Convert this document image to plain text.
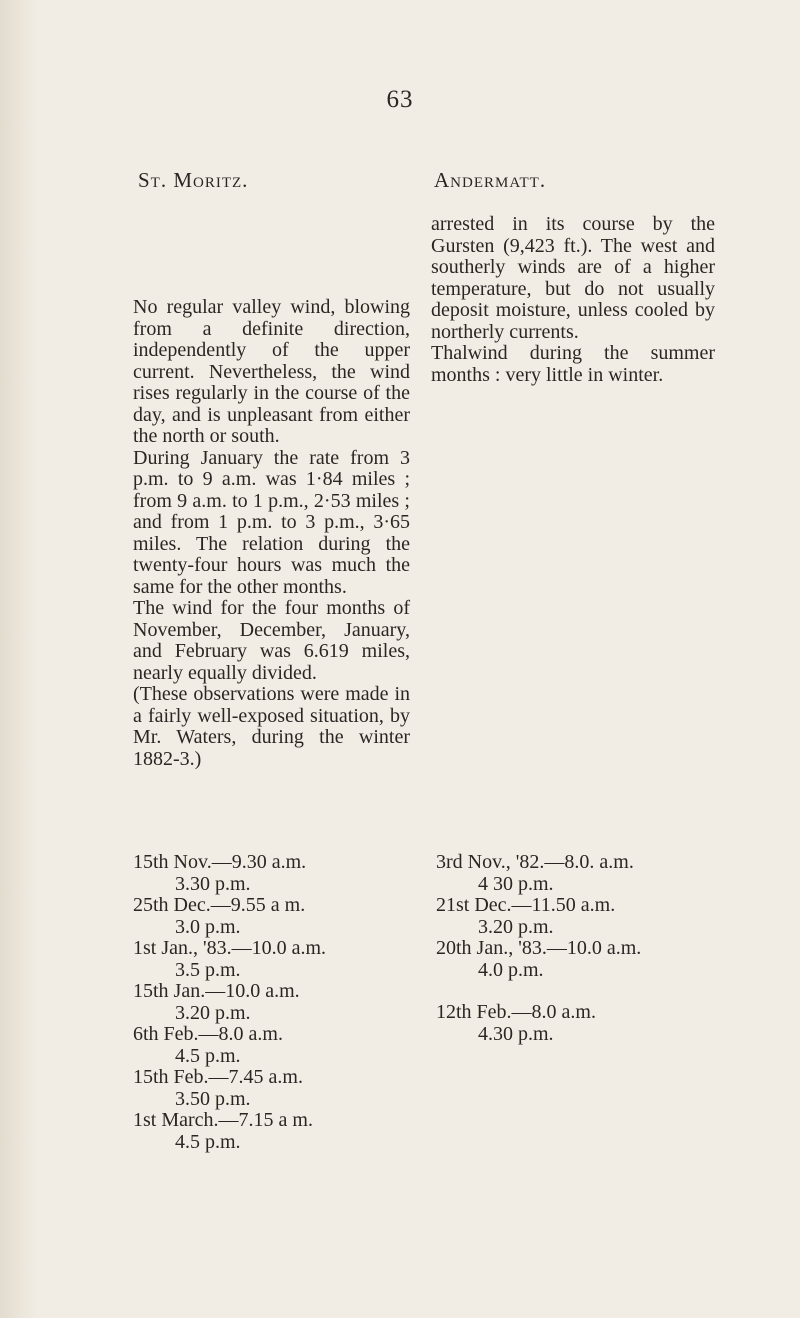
63
St. Moritz.	Andermatt.

arrested in its course by the Gursten (9,423 ft.). The west and southerly winds are of a higher temperature, but do not usually deposit moisture, unless cooled by northerly currents.

Thalwind during the summer months : very little in winter.

No regular valley wind, blowing from a definite direction, independently of the upper current. Nevertheless, the wind rises regularly in the course of the day, and is unpleasant from either the north or south.

During January the rate from 3 p.m. to 9 a.m. was 1·84 miles ; from 9 a.m. to 1 p.m., 2·53 miles ; and from 1 p.m. to 3 p.m., 3·65 miles. The relation during the twenty-four hours was much the same for the other months.

The wind for the four months of November, December, January, and February was 6.619 miles, nearly equally divided.

(These observations were made in a fairly well-exposed situation, by Mr. Waters, during the winter 1882-3.)

15th Nov.—9.30 a.m.
3.30 p.m.
25th Dec.—9.55 a m.
3.0 p.m.
1st Jan., '83.—10.0 a.m.
3.5 p.m.
15th Jan.—10.0 a.m.
3.20 p.m.
6th Feb.—8.0 a.m.
4.5 p.m.
15th Feb.—7.45 a.m.
3.50 p.m.
1st March.—7.15 a m.
4.5 p.m.
3rd Nov., '82.—8.0. a.m.
4 30 p.m.
21st Dec.—11.50 a.m.
3.20 p.m.
20th Jan., '83.—10.0 a.m.
4.0 p.m.
12th Feb.—8.0 a.m.
4.30 p.m.
